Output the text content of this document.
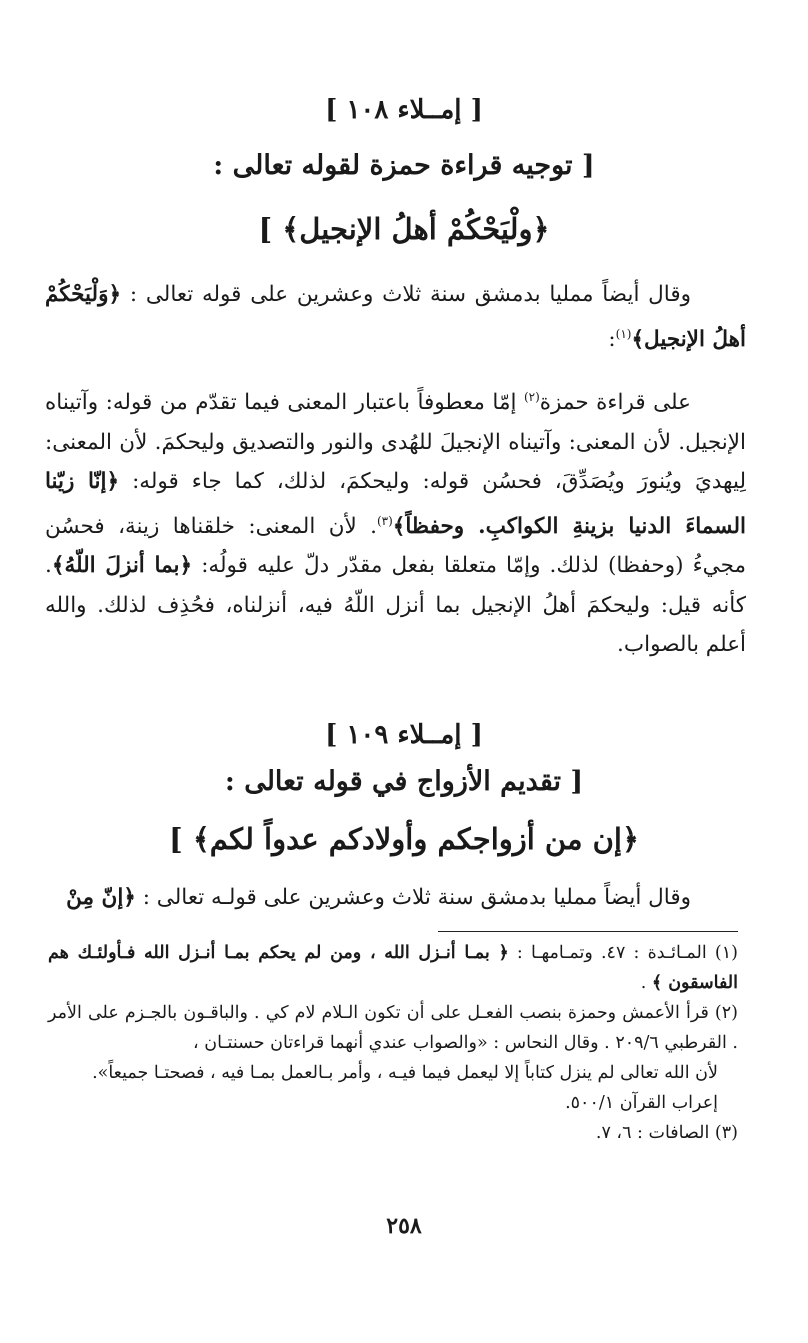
[ إمــلاء ١٠٨ ]
[ توجيه قراءة حمزة لقوله تعالى :
﴿ولْيَحْكُمْ أهلُ الإنجيل﴾ ]
وقال أيضاً ممليا بدمشق سنة ثلاث وعشرين على قوله تعالى : ﴿وَلْيَحْكُمْ أهلُ الإنجيل﴾$^{(١)}$:
على قراءة حمزة$^{(٢)}$ إمّا معطوفاً باعتبار المعنى فيما تقدّم من قوله: وآتيناه الإنجيل. لأن المعنى: وآتيناه الإنجيلَ للهُدى والنور والتصديق وليحكمَ. لأن المعنى: لِيهديَ ويُنورَ ويُصَدِّقَ، فحسُن قوله: وليحكمَ، لذلك، كما جاء قوله: ﴿إنّا زيّنا السماءَ الدنيا بزينةِ الكواكبِ. وحفظاً﴾$^{(٣)}$. لأن المعنى: خلقناها زينة، فحسُن مجيءُ (وحفظا) لذلك. وإمّا متعلقا بفعل مقدّر دلّ عليه قولُه: ﴿بما أنزلَ اللّهُ﴾. كأنه قيل: وليحكمَ أهلُ الإنجيل بما أنزل اللّهُ فيه، أنزلناه، فحُذِف لذلك. والله أعلم بالصواب.
[ إمــلاء ١٠٩ ]
[ تقديم الأزواج في قوله تعالى :
﴿إن من أزواجكم وأولادكم عدواً لكم﴾ ]
وقال أيضاً ممليا بدمشق سنة ثلاث وعشرين على قولـه تعالى : ﴿إنّ مِنْ

(١) المـائـدة : ٤٧. وتمـامهـا : ﴿ بمـا أنـزل الله ، ومن لم يحكم بمـا أنـزل الله فـأولئـك هم الفاسقون ﴾ .

(٢) قرأ الأعمش وحمزة بنصب الفعـل على أن تكون الـلام لام كي . والباقـون بالجـزم على الأمر . القرطبي ٢٠٩/٦ . وقال النحاس : «والصواب عندي أنهما قراءتان حسنتـان ،

لأن الله تعالى لم ينزل كتاباً إلا ليعمل فيما فيـه ، وأمر بـالعمل بمـا فيه ، فصحتـا جميعاً».

إعراب القرآن ٥٠٠/١.

(٣) الصافات : ٦، ٧.

٢٥٨
